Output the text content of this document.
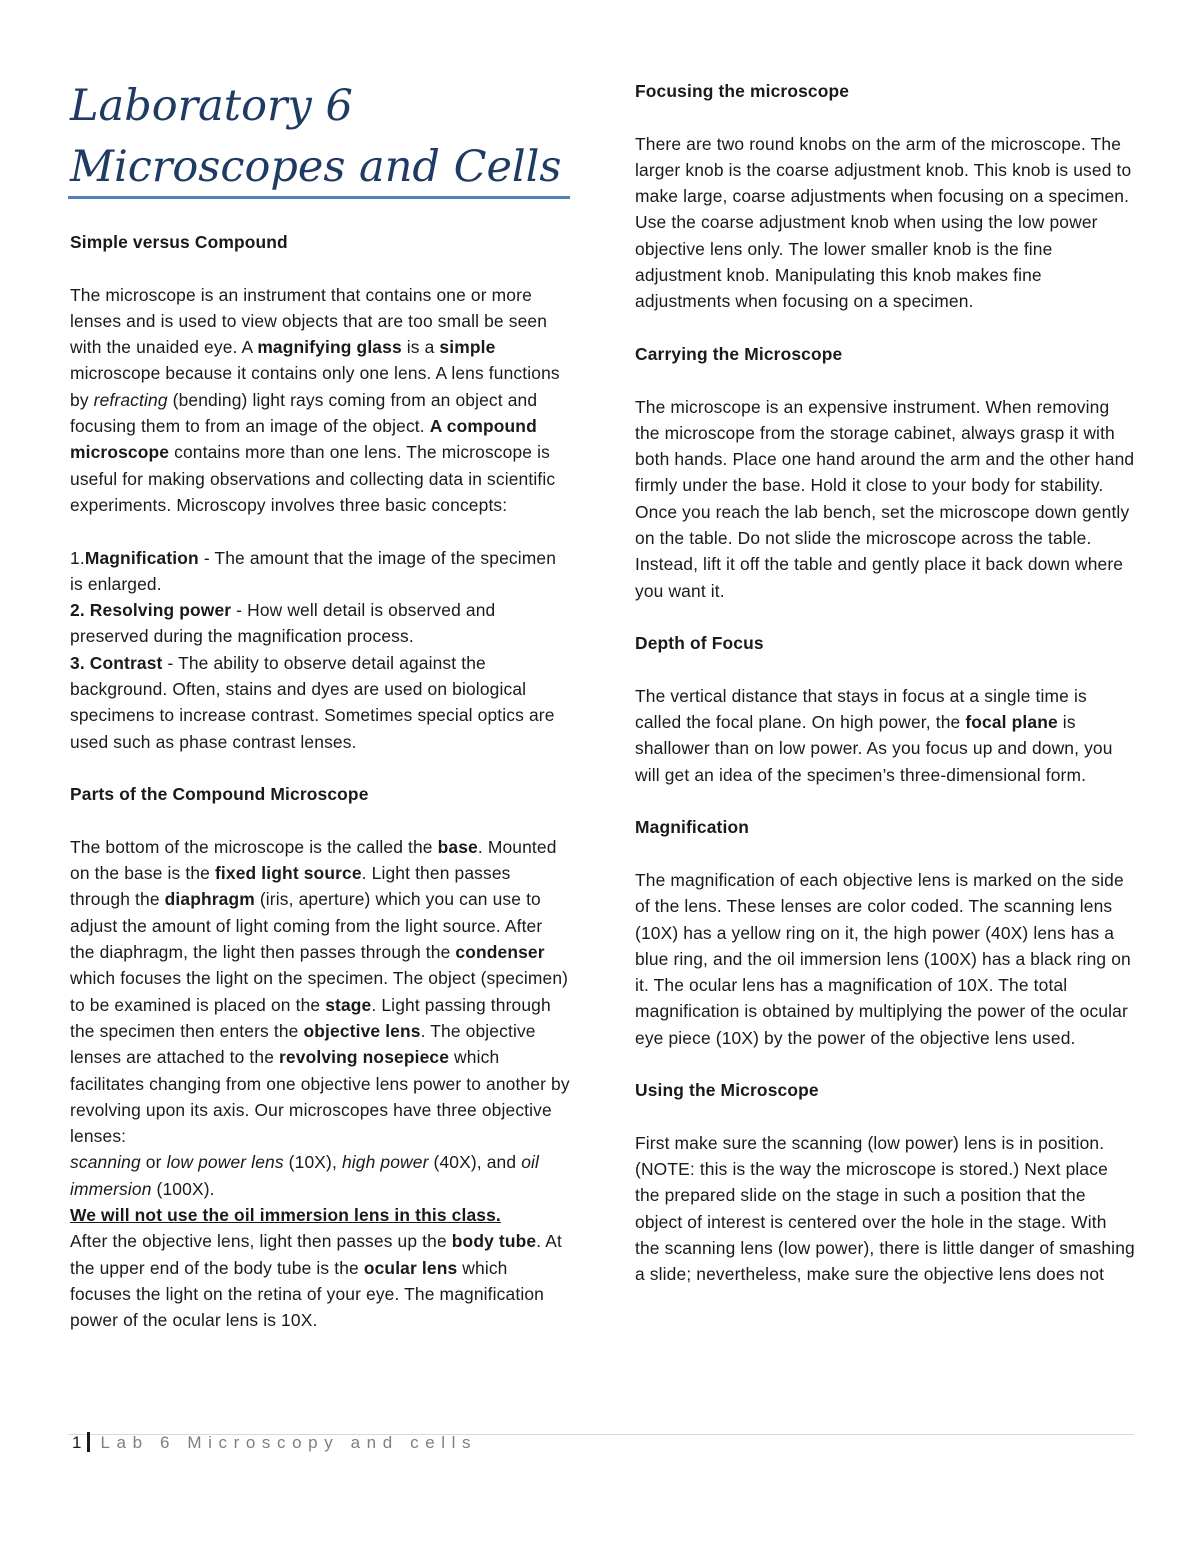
Laboratory 6
Microscopes and Cells

Simple versus Compound

The microscope is an instrument that contains one or more lenses and is used to view objects that are too small be seen with the unaided eye. A magnifying glass is a simple microscope because it contains only one lens. A lens functions by refracting (bending) light rays coming from an object and focusing them to from an image of the object. A compound microscope contains more than one lens. The microscope is useful for making observations and collecting data in scientific experiments. Microscopy involves three basic concepts:

1.Magnification - The amount that the image of the specimen is enlarged.

2. Resolving power - How well detail is observed and preserved during the magnification process.

3. Contrast - The ability to observe detail against the background. Often, stains and dyes are used on biological specimens to increase contrast. Sometimes special optics are used such as phase contrast lenses.

Parts of the Compound Microscope

The bottom of the microscope is the called the base. Mounted on the base is the fixed light source. Light then passes through the diaphragm (iris, aperture) which you can use to adjust the amount of light coming from the light source. After the diaphragm, the light then passes through the condenser which focuses the light on the specimen. The object (specimen) to be examined is placed on the stage. Light passing through the specimen then enters the objective lens. The objective lenses are attached to the revolving nosepiece which facilitates changing from one objective lens power to another by revolving upon its axis. Our microscopes have three objective lenses:
scanning or low power lens (10X), high power (40X), and oil immersion (100X).
We will not use the oil immersion lens in this class.
After the objective lens, light then passes up the body tube. At the upper end of the body tube is the ocular lens which focuses the light on the retina of your eye. The magnification power of the ocular lens is 10X.

Focusing the microscope

There are two round knobs on the arm of the microscope. The larger knob is the coarse adjustment knob. This knob is used to make large, coarse adjustments when focusing on a specimen.

Use the coarse adjustment knob when using the low power objective lens only. The lower smaller knob is the fine adjustment knob. Manipulating this knob makes fine adjustments when focusing on a specimen.

Carrying the Microscope

The microscope is an expensive instrument. When removing the microscope from the storage cabinet, always grasp it with both hands. Place one hand around the arm and the other hand firmly under the base. Hold it close to your body for stability. Once you reach the lab bench, set the microscope down gently on the table. Do not slide the microscope across the table. Instead, lift it off the table and gently place it back down where you want it.

Depth of Focus

The vertical distance that stays in focus at a single time is called the focal plane. On high power, the focal plane is shallower than on low power. As you focus up and down, you will get an idea of the specimen’s three-dimensional form.

Magnification

The magnification of each objective lens is marked on the side of the lens. These lenses are color coded. The scanning lens (10X) has a yellow ring on it, the high power (40X) lens has a blue ring, and the oil immersion lens (100X) has a black ring on it. The ocular lens has a magnification of 10X. The total magnification is obtained by multiplying the power of the ocular eye piece (10X) by the power of the objective lens used.

Using the Microscope

First make sure the scanning (low power) lens is in position. (NOTE: this is the way the microscope is stored.) Next place the prepared slide on the stage in such a position that the object of interest is centered over the hole in the stage. With the scanning lens (low power), there is little danger of smashing a slide; nevertheless, make sure the objective lens does not

1 Lab 6 Microscopy and cells
